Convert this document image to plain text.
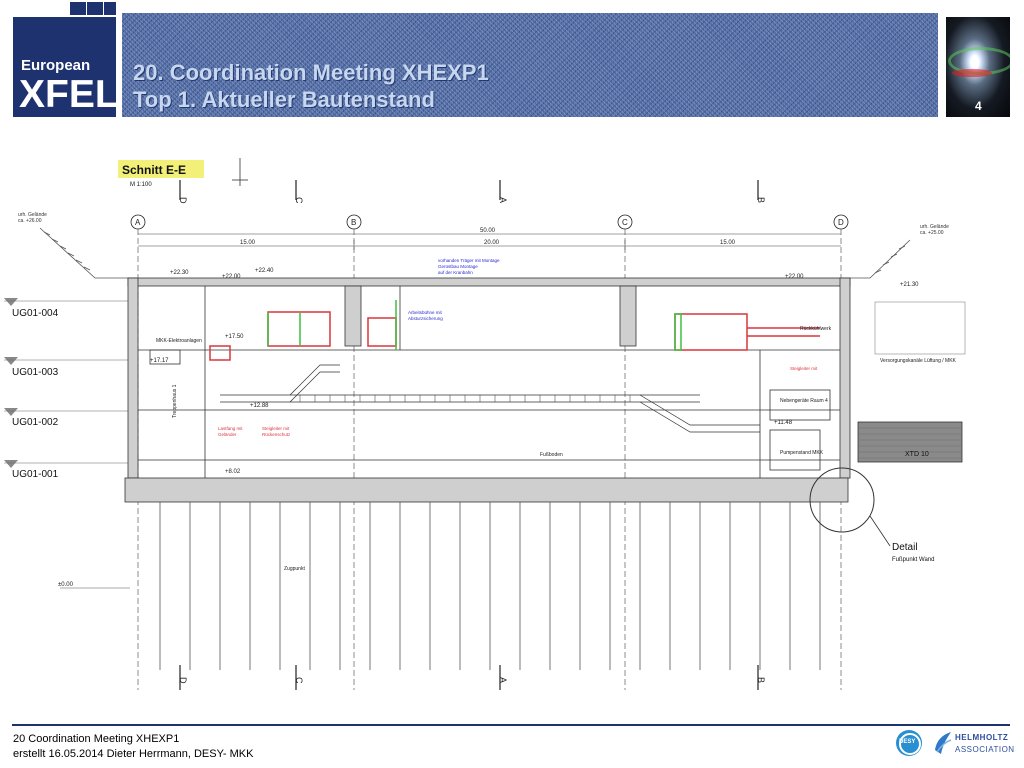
European
XFEL
20. Coordination Meeting XHEXP1
Top 1. Aktueller Bautenstand	4
Schnitt E-E
M 1:100
D	C	A	B
A	B	C	D
50.00
15.00	20.00	15.00
urh. Gelände ca. +26.00
urh. Gelände ca. +25.00
UG01-004
UG01-003
UG01-002
UG01-001
Lastfang mit
Geländer
Steigleiter mit
Rückenschutz
Steigleiter mit
vorhanden Träger mit Montage
Gerüstbau Montage
auf der Kranbahn
Arbeitsbühne mit
Absturzsicherung
+22.30
+22.00
+22.40
+22.00
+21.30
+17.50
+17.17
+12.88
+11.48
+8.02
±0.00
MKK-Elektroanlagen
Rückkühlwerk
Treppenhaus 1
Fußboden
Nebengeräte Raum 4
Pumpenstand MKK
Zugpunkt
XTD 10
Versorgungskanäle Lüftung / MKK
Detail
Fußpunkt Wand
D	C	A	B
20 Coordination Meeting XHEXP1
erstellt 16.05.2014 Dieter Herrmann, DESY- MKK
DESY	HELMHOLTZ
ASSOCIATION
